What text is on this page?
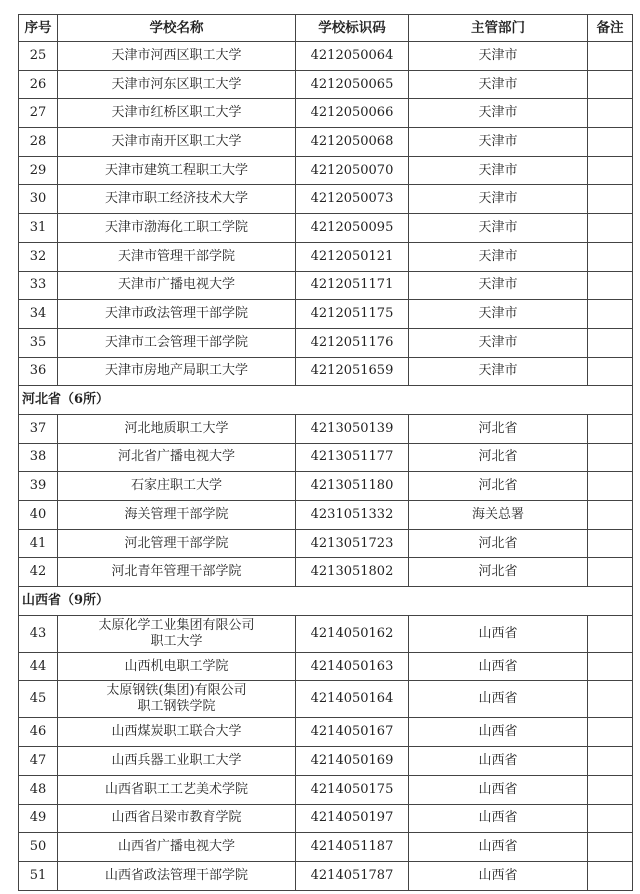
序号	学校名称	学校标识码	主管部门	备注
25	天津市河西区职工大学	4212050064	天津市	
26	天津市河东区职工大学	4212050065	天津市	
27	天津市红桥区职工大学	4212050066	天津市	
28	天津市南开区职工大学	4212050068	天津市	
29	天津市建筑工程职工大学	4212050070	天津市	
30	天津市职工经济技术大学	4212050073	天津市	
31	天津市渤海化工职工学院	4212050095	天津市	
32	天津市管理干部学院	4212050121	天津市	
33	天津市广播电视大学	4212051171	天津市	
34	天津市政法管理干部学院	4212051175	天津市	
35	天津市工会管理干部学院	4212051176	天津市	
36	天津市房地产局职工大学	4212051659	天津市	
河北省（6所）				
37	河北地质职工大学	4213050139	河北省	
38	河北省广播电视大学	4213051177	河北省	
39	石家庄职工大学	4213051180	河北省	
40	海关管理干部学院	4231051332	海关总署	
41	河北管理干部学院	4213051723	河北省	
42	河北青年管理干部学院	4213051802	河北省	
山西省（9所）				
43	太原化学工业集团有限公司
职工大学	4214050162	山西省	
44	山西机电职工学院	4214050163	山西省	
45	太原钢铁(集团)有限公司
职工钢铁学院	4214050164	山西省	
46	山西煤炭职工联合大学	4214050167	山西省	
47	山西兵器工业职工大学	4214050169	山西省	
48	山西省职工工艺美术学院	4214050175	山西省	
49	山西省吕梁市教育学院	4214050197	山西省	
50	山西省广播电视大学	4214051187	山西省	
51	山西省政法管理干部学院	4214051787	山西省	
